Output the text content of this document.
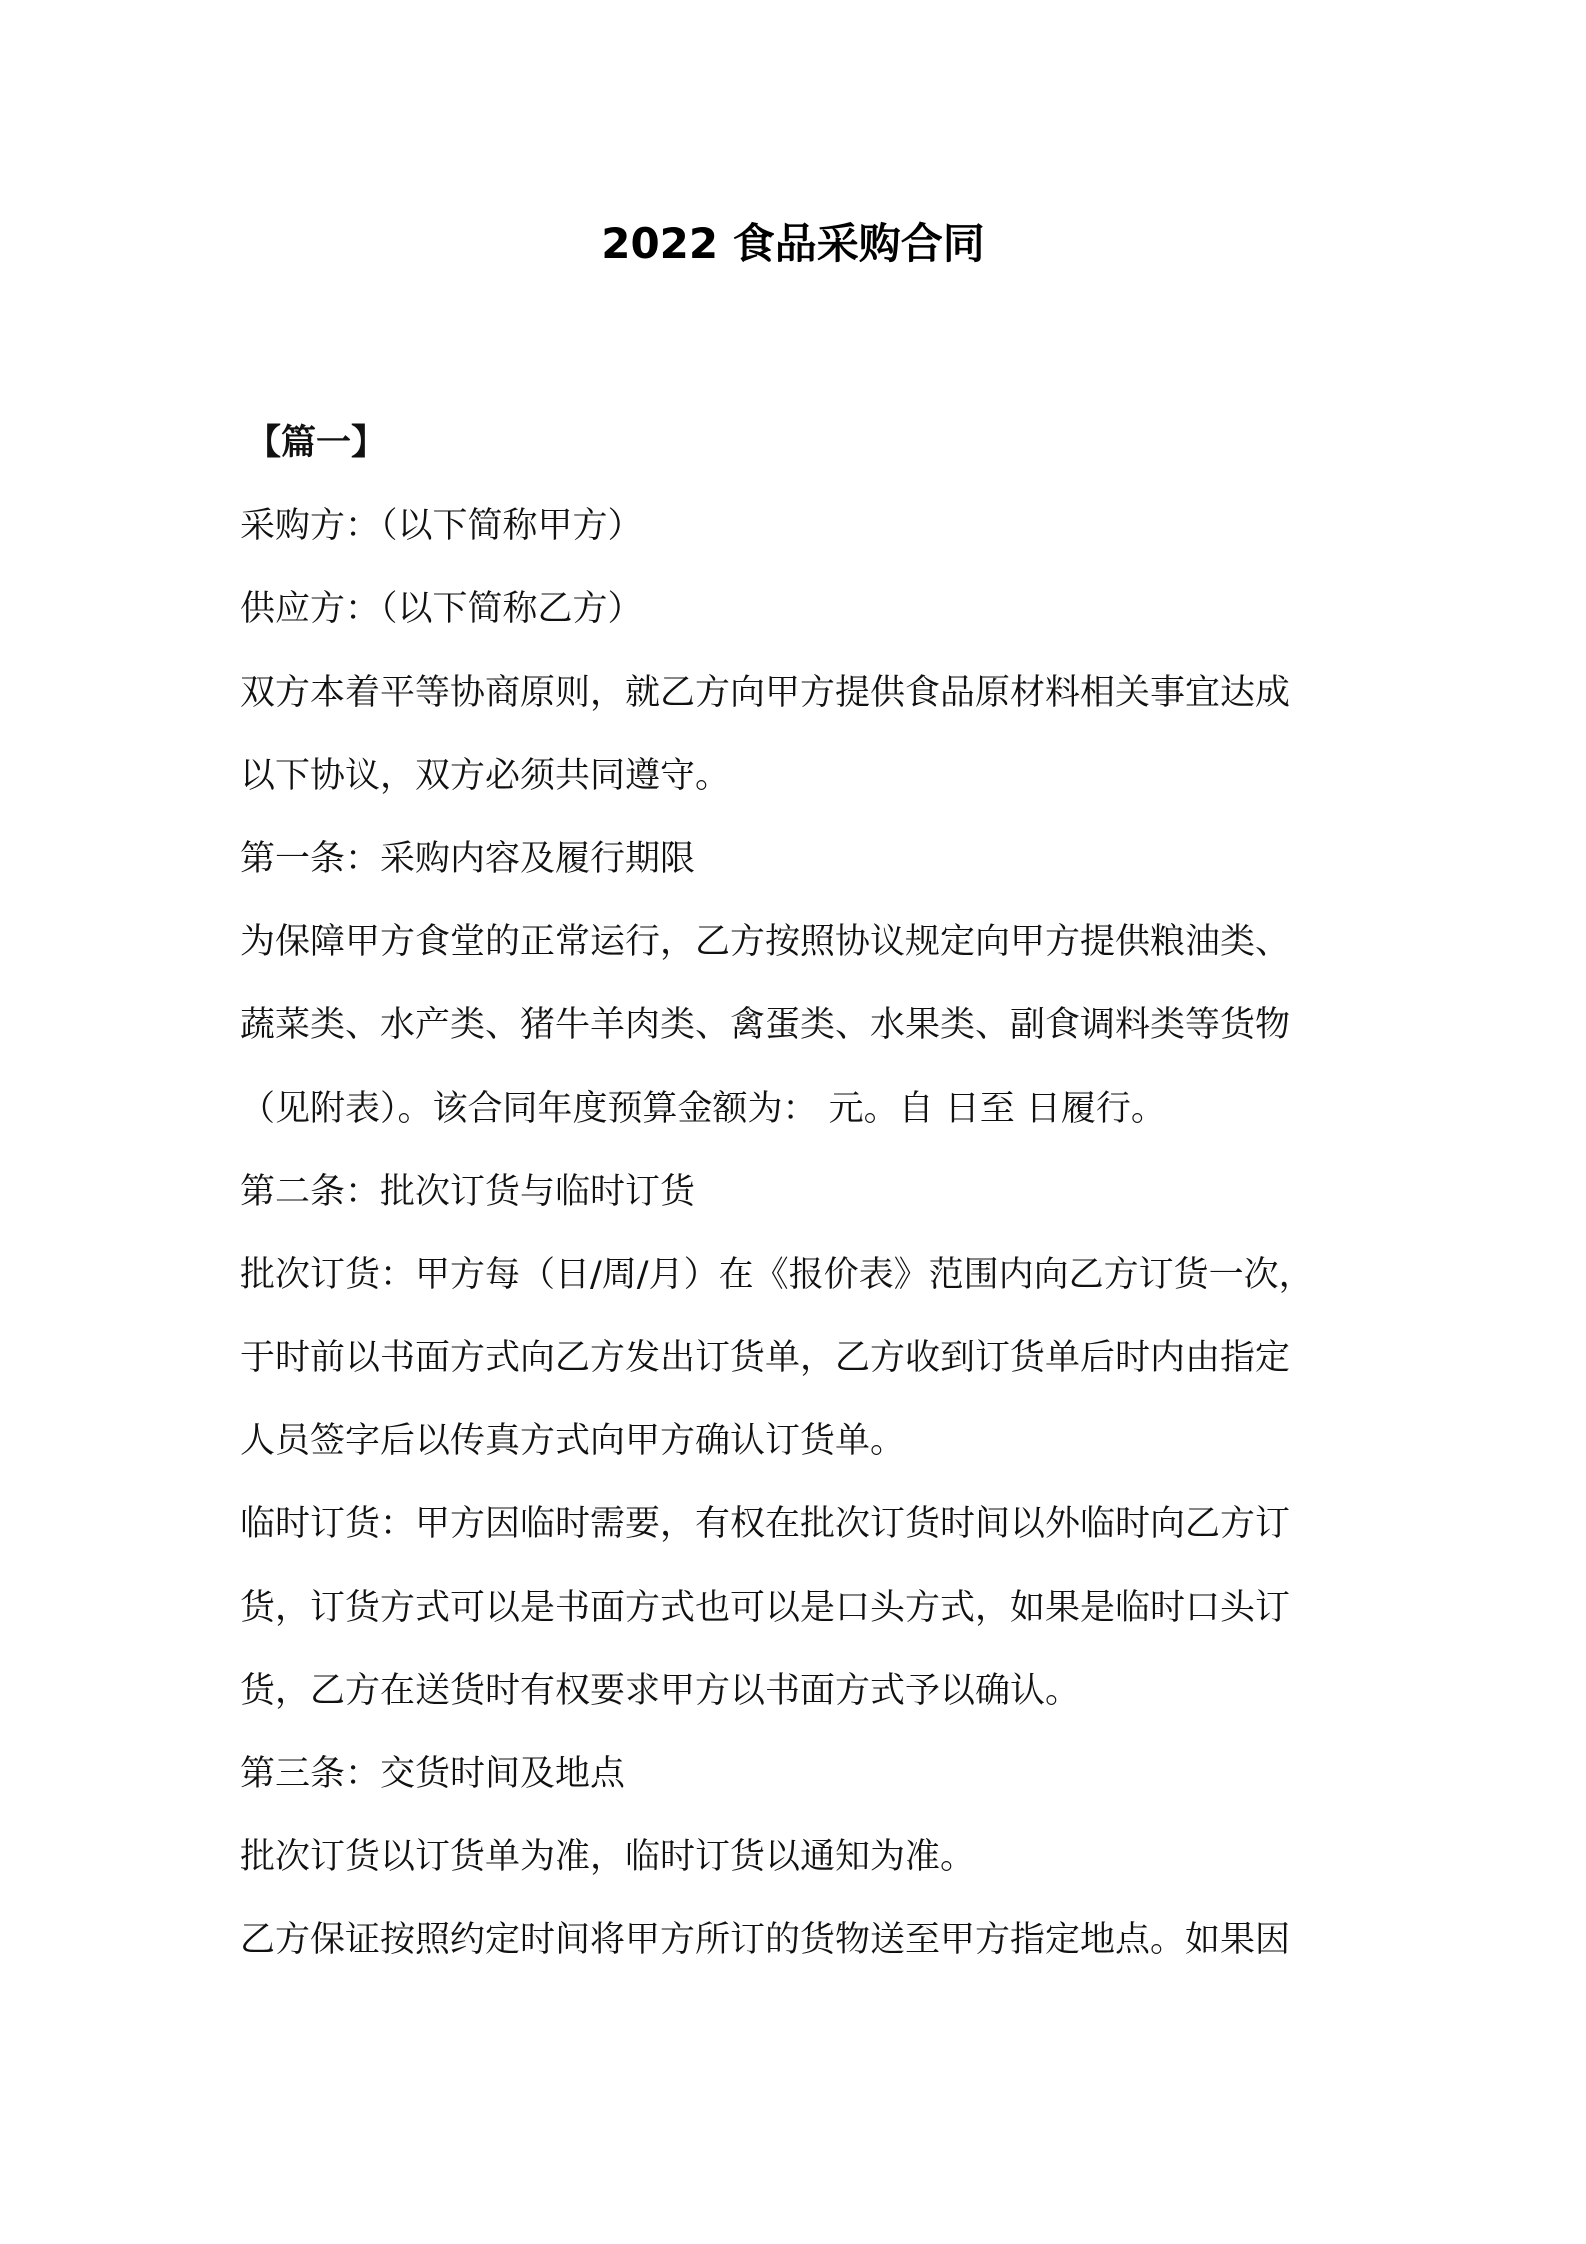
2022 食品采购合同
【篇一】
采购方：（以下简称甲方）
供应方：（以下简称乙方）
双方本着平等协商原则，就乙方向甲方提供食品原材料相关事宜达成
以下协议，双方必须共同遵守。
第一条：采购内容及履行期限
为保障甲方食堂的正常运行，乙方按照协议规定向甲方提供粮油类、
蔬菜类、水产类、猪牛羊肉类、禽蛋类、水果类、副食调料类等货物
（见附表）。该合同年度预算金额为： 元。自 日至 日履行。
第二条：批次订货与临时订货
批次订货：甲方每（日/周/月）在《报价表》范围内向乙方订货一次，
于时前以书面方式向乙方发出订货单，乙方收到订货单后时内由指定
人员签字后以传真方式向甲方确认订货单。
临时订货：甲方因临时需要，有权在批次订货时间以外临时向乙方订
货，订货方式可以是书面方式也可以是口头方式，如果是临时口头订
货，乙方在送货时有权要求甲方以书面方式予以确认。
第三条：交货时间及地点
批次订货以订货单为准，临时订货以通知为准。
乙方保证按照约定时间将甲方所订的货物送至甲方指定地点。如果因
